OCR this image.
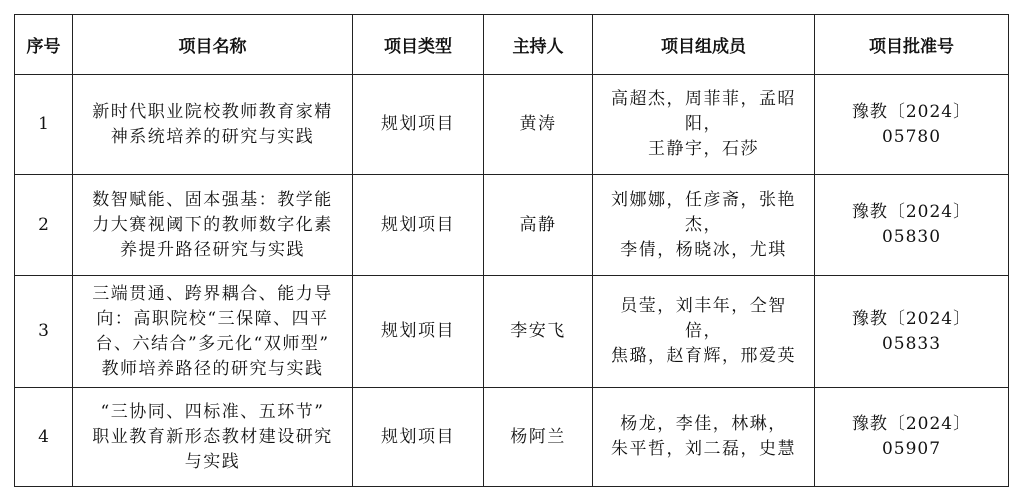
序号	项目名称	项目类型	主持人	项目组成员	项目批准号
1	新时代职业院校教师教育家精
神系统培养的研究与实践	规划项目	黄涛	高超杰，周菲菲，孟昭阳，
王静宇，石莎	豫教〔2024〕
05780

2	数智赋能、固本强基：教学能
力大赛视阈下的教师数字化素
养提升路径研究与实践	规划项目	高静	刘娜娜，任彦斋，张艳杰，
李倩，杨晓冰，尤琪	豫教〔2024〕
05830

3	三端贯通、跨界耦合、能力导
向：高职院校“三保障、四平
台、六结合”多元化“双师型”
教师培养路径的研究与实践	规划项目	李安飞	员莹，刘丰年，仝智倍，
焦璐，赵育辉，邢爱英	豫教〔2024〕
05833

4	“三协同、四标准、五环节”
职业教育新形态教材建设研究
与实践	规划项目	杨阿兰	杨龙，李佳，林琳，
朱平哲，刘二磊，史慧	豫教〔2024〕
05907
